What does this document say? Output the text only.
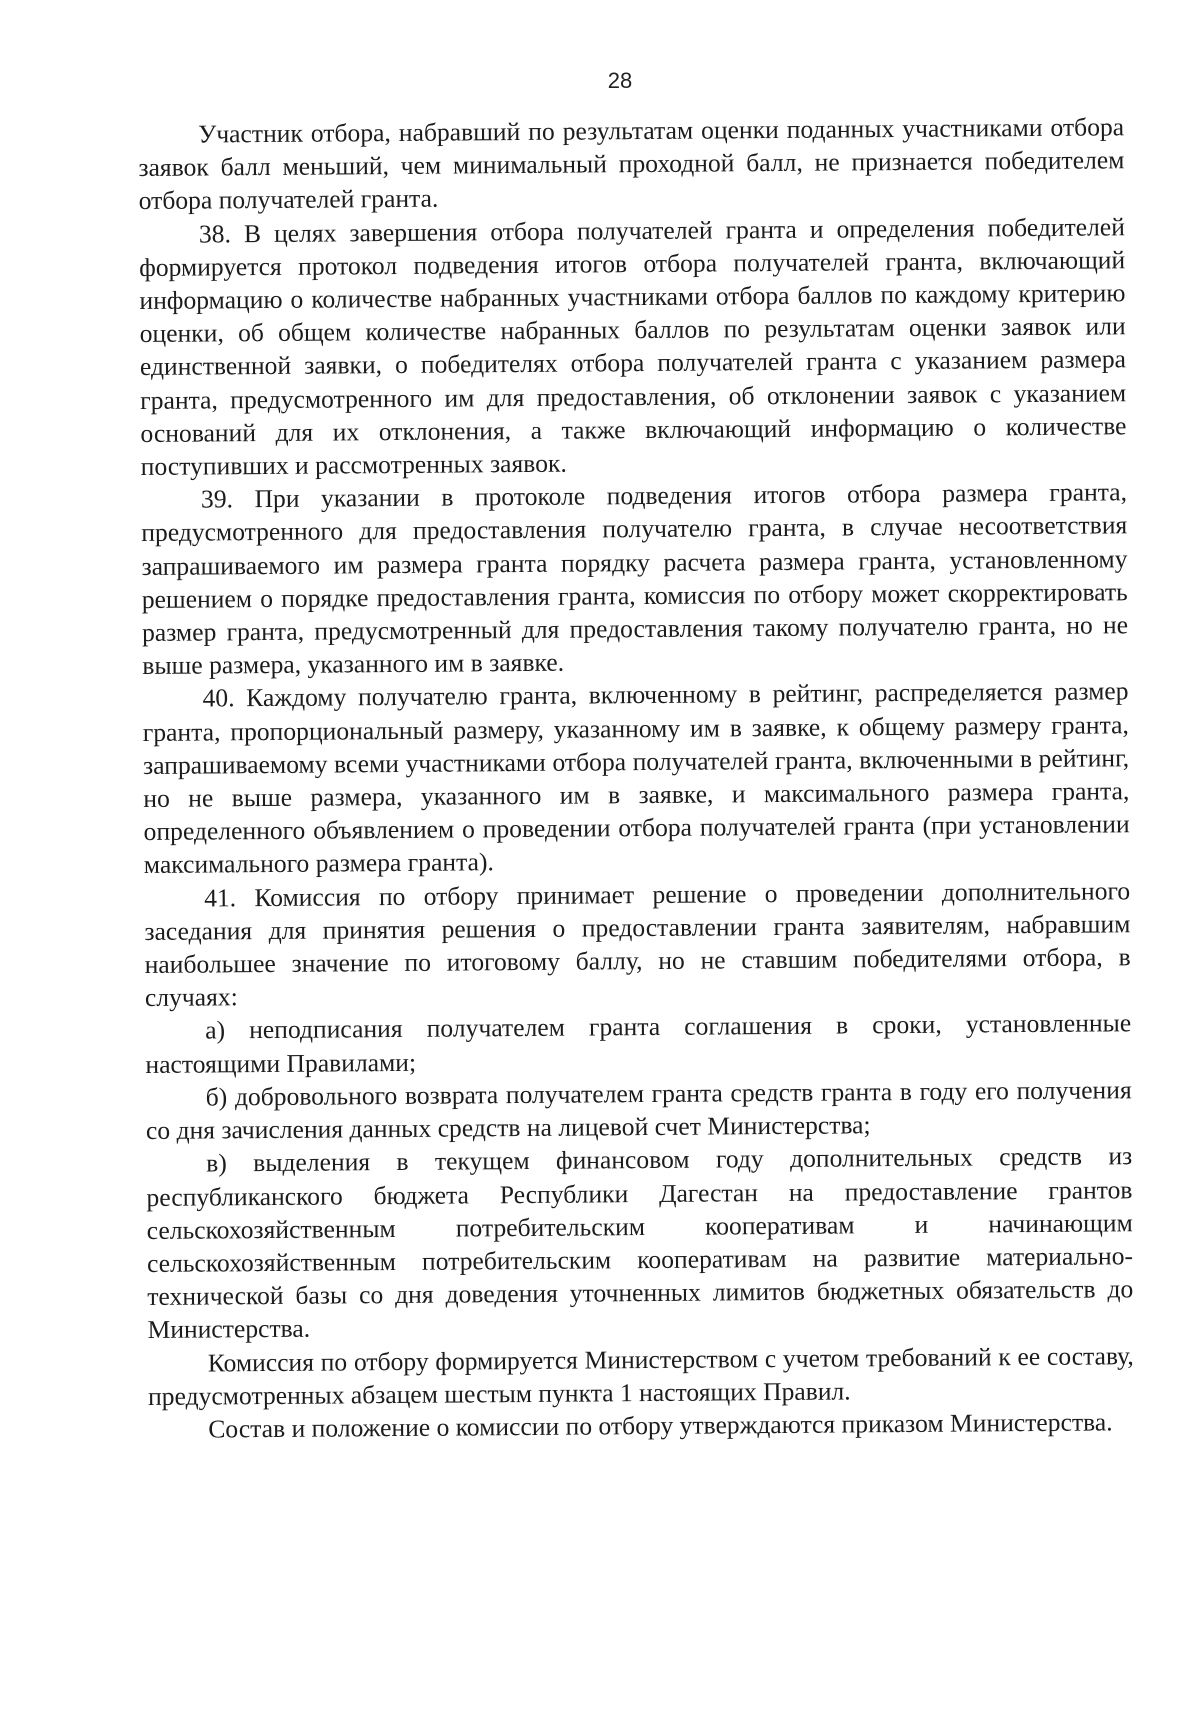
28

Участник отбора, набравший по результатам оценки поданных участниками отбора заявок балл меньший, чем минимальный проходной балл, не признается победителем отбора получателей гранта.

38. В целях завершения отбора получателей гранта и определения победителей формируется протокол подведения итогов отбора получателей гранта, включающий информацию о количестве набранных участниками отбора баллов по каждому критерию оценки, об общем количестве набранных баллов по результатам оценки заявок или единственной заявки, о победителях отбора получателей гранта с указанием размера гранта, предусмотренного им для предоставления, об отклонении заявок с указанием оснований для их отклонения, а также включающий информацию о количестве поступивших и рассмотренных заявок.

39. При указании в протоколе подведения итогов отбора размера гранта, предусмотренного для предоставления получателю гранта, в случае несоответствия запрашиваемого им размера гранта порядку расчета размера гранта, установленному решением о порядке предоставления гранта, комиссия по отбору может скорректировать размер гранта, предусмотренный для предоставления такому получателю гранта, но не выше размера, указанного им в заявке.

40. Каждому получателю гранта, включенному в рейтинг, распределяется размер гранта, пропорциональный размеру, указанному им в заявке, к общему размеру гранта, запрашиваемому всеми участниками отбора получателей гранта, включенными в рейтинг, но не выше размера, указанного им в заявке, и максимального размера гранта, определенного объявлением о проведении отбора получателей гранта (при установлении максимального размера гранта).

41. Комиссия по отбору принимает решение о проведении дополнительного заседания для принятия решения о предоставлении гранта заявителям, набравшим наибольшее значение по итоговому баллу, но не ставшим победителями отбора, в случаях:

а) неподписания получателем гранта соглашения в сроки, установленные настоящими Правилами;

б) добровольного возврата получателем гранта средств гранта в году его получения со дня зачисления данных средств на лицевой счет Министерства;

в) выделения в текущем финансовом году дополнительных средств из республиканского бюджета Республики Дагестан на предоставление грантов сельскохозяйственным потребительским кооперативам и начинающим сельскохозяйственным потребительским кооперативам на развитие материально-технической базы со дня доведения уточненных лимитов бюджетных обязательств до Министерства.

Комиссия по отбору формируется Министерством с учетом требований к ее составу, предусмотренных абзацем шестым пункта 1 настоящих Правил.

Состав и положение о комиссии по отбору утверждаются приказом Министерства.
